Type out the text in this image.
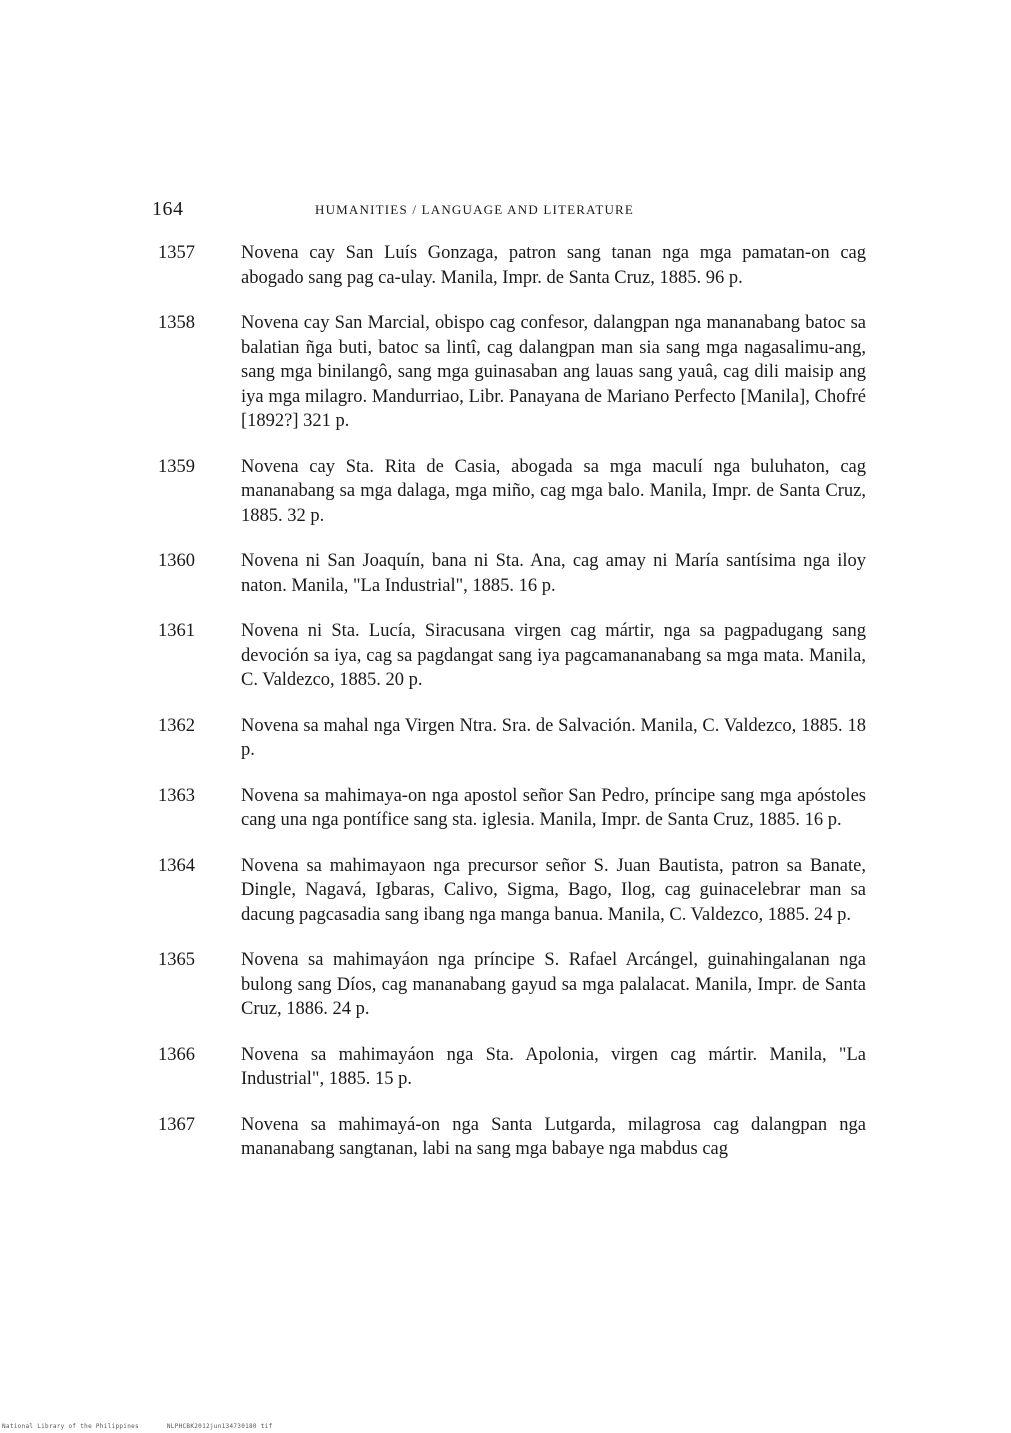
164	HUMANITIES / LANGUAGE AND LITERATURE
1357	Novena cay San Luís Gonzaga, patron sang tanan nga mga pamatan-on cag abogado sang pag ca-ulay. Manila, Impr. de Santa Cruz, 1885. 96 p.
1358	Novena cay San Marcial, obispo cag confesor, dalangpan nga mananabang batoc sa balatian ñga buti, batoc sa lintî, cag dalangpan man sia sang mga nagasalimu-ang, sang mga binilangô, sang mga guinasaban ang lauas sang yauâ, cag dili maisip ang iya mga milagro. Mandurriao, Libr. Panayana de Mariano Perfecto [Manila], Chofré [1892?] 321 p.
1359	Novena cay Sta. Rita de Casia, abogada sa mga maculí nga buluhaton, cag mananabang sa mga dalaga, mga miño, cag mga balo. Manila, Impr. de Santa Cruz, 1885. 32 p.
1360	Novena ni San Joaquín, bana ni Sta. Ana, cag amay ni María santísima nga iloy naton. Manila, "La Industrial", 1885. 16 p.
1361	Novena ni Sta. Lucía, Siracusana virgen cag mártir, nga sa pagpadugang sang devoción sa iya, cag sa pagdangat sang iya pagcamananabang sa mga mata. Manila, C. Valdezco, 1885. 20 p.
1362	Novena sa mahal nga Virgen Ntra. Sra. de Salvación. Manila, C. Valdezco, 1885. 18 p.
1363	Novena sa mahimaya-on nga apostol señor San Pedro, príncipe sang mga apóstoles cang una nga pontífice sang sta. iglesia. Manila, Impr. de Santa Cruz, 1885. 16 p.
1364	Novena sa mahimayaon nga precursor señor S. Juan Bautista, patron sa Banate, Dingle, Nagavá, Igbaras, Calivo, Sigma, Bago, Ilog, cag guinacelebrar man sa dacung pagcasadia sang ibang nga manga banua. Manila, C. Valdezco, 1885. 24 p.
1365	Novena sa mahimayáon nga príncipe S. Rafael Arcángel, guinahingalanan nga bulong sang Díos, cag mananabang gayud sa mga palalacat. Manila, Impr. de Santa Cruz, 1886. 24 p.
1366	Novena sa mahimayáon nga Sta. Apolonia, virgen cag mártir. Manila, "La Industrial", 1885. 15 p.
1367	Novena sa mahimayá-on nga Santa Lutgarda, milagrosa cag dalangpan nga mananabang sangtanan, labi na sang mga babaye nga mabdus cag
National Library of the Philippines	NLPHCBK2012jun134730180 tif
